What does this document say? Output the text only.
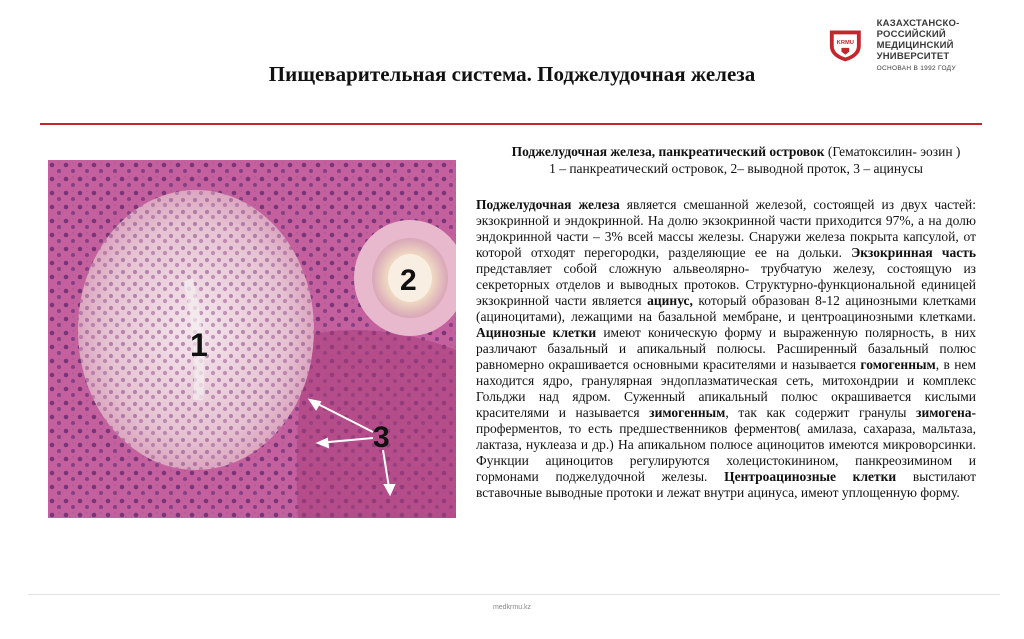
KRMU
КАЗАХСТАНСКО-РОССИЙСКИЙ
МЕДИЦИНСКИЙ УНИВЕРСИТЕТ
ОСНОВАН В 1992 ГОДУ
Пищеварительная система. Поджелудочная железа
1
2
3
Поджелудочная железа, панкреатический островок (Гематоксилин- эозин )
1 – панкреатический островок, 2– выводной проток, 3 – ацинусы
Поджелудочная железа является смешанной железой, состоящей из двух частей: экзокринной и эндокринной. На долю экзокринной части приходится 97%, а на долю эндокринной части – 3% всей массы железы. Снаружи железа покрыта капсулой, от которой отходят перегородки, разделяющие ее на дольки. Экзокринная часть представляет собой сложную альвеолярно- трубчатую железу, состоящую из секреторных отделов и выводных протоков. Структурно-функциональной единицей экзокринной части является ацинус, который образован 8-12 ацинозными клетками (ациноцитами), лежащими на базальной мембране, и центроацинозными клетками. Ацинозные клетки имеют коническую форму и выраженную полярность, в них различают базальный и апикальный полюсы. Расширенный базальный полюс равномерно окрашивается основными красителями и называется гомогенным, в нем находится ядро, гранулярная эндоплазматическая сеть, митохондрии и комплекс Гольджи над ядром. Суженный апикальный полюс окрашивается кислыми красителями и называется зимогенным, так как содержит гранулы зимогена- проферментов, то есть предшественников ферментов( амилаза, сахараза, мальтаза, лактаза, нуклеаза и др.) На апикальном полюсе ациноцитов имеются микроворсинки. Функции ациноцитов регулируются холецистокинином, панкреозимином и гормонами поджелудочной железы. Центроацинозные клетки выстилают вставочные выводные протоки и лежат внутри ацинуса, имеют уплощенную форму.
medkrmu.kz
